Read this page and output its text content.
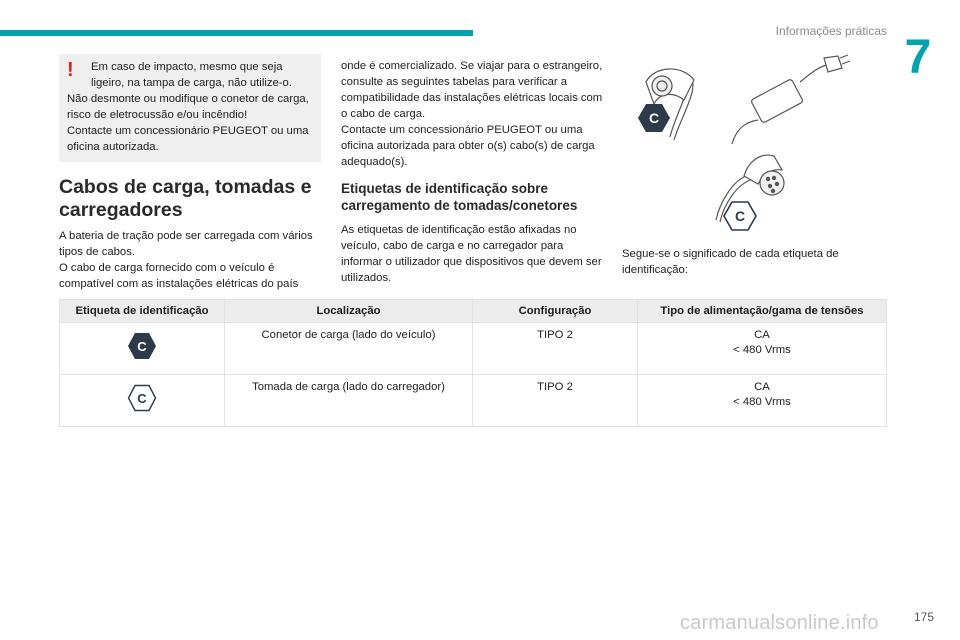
Informações práticas 7
!	Em caso de impacto, mesmo que seja

ligeiro, na tampa de carga, não utilize-o.

Não desmonte ou modifique o conetor de carga,

risco de eletrocussão e/ou incêndio!

Contacte um concessionário PEUGEOT ou uma

oficina autorizada.

Cabos de carga, tomadas e carregadores

A bateria de tração pode ser carregada com vários

tipos de cabos.

O cabo de carga fornecido com o veículo é

compatível com as instalações elétricas do país

onde é comercializado. Se viajar para o estrangeiro,

consulte as seguintes tabelas para verificar a

compatibilidade das instalações elétricas locais com

o cabo de carga.

Contacte um concessionário PEUGEOT ou uma

oficina autorizada para obter o(s) cabo(s) de carga

adequado(s).

Etiquetas de identificação sobre carregamento de tomadas/conetores

As etiquetas de identificação estão afixadas no

veículo, cabo de carga e no carregador para

informar o utilizador que dispositivos que devem ser

utilizados.

C
C
Segue-se o significado de cada etiqueta de
identificação:
Etiqueta de identificação	Localização	Configuração	Tipo de alimentação/gama de tensões

C	Conetor de carga (lado do veículo)	TIPO 2	CA
< 480 Vrms

C	Tomada de carga (lado do carregador)	TIPO 2	CA
< 480 Vrms
carmanualsonline.info	175
